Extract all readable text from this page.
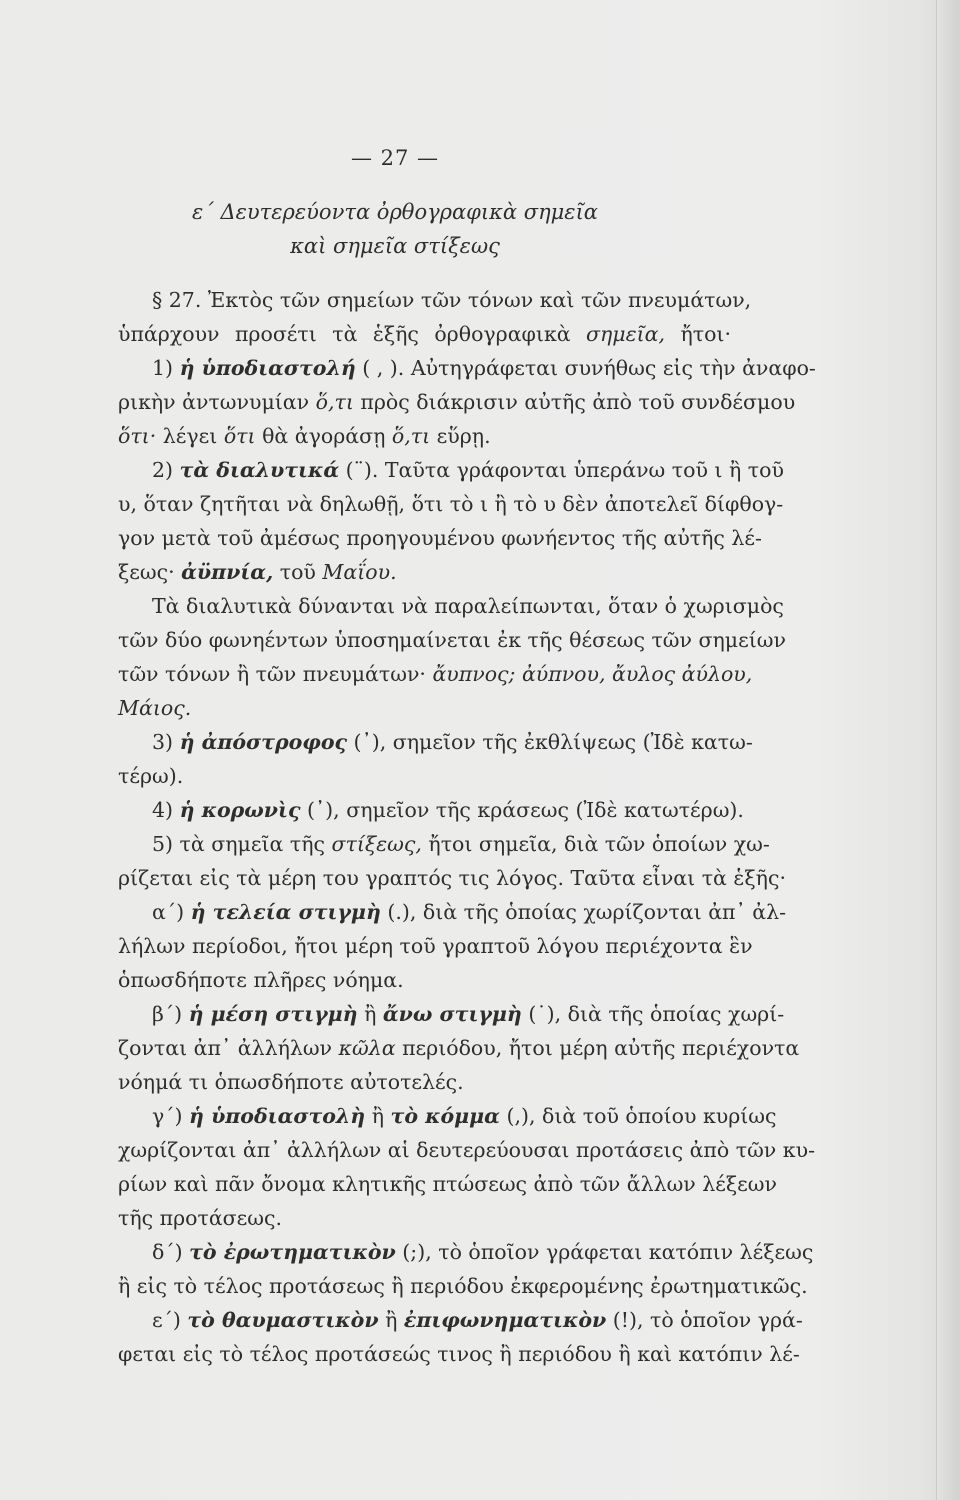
— 27 —
ε΄ Δευτερεύοντα ὀρθογραφικὰ σημεῖα
καὶ σημεῖα στίξεως
§ 27. Ἐκτὸς τῶν σημείων τῶν τόνων καὶ τῶν πνευμάτων,
ὑπάρχουν προσέτι τὰ ἑξῆς ὀρθογραφικὰ σημεῖα, ἤτοι·
1) ἡ ὑποδιαστολή ( , ). Αὐτηγράφεται συνήθως εἰς τὴν ἀναφο-
ρικὴν ἀντωνυμίαν ὅ,τι πρὸς διάκρισιν αὐτῆς ἀπὸ τοῦ συνδέσμου
ὅτι· λέγει ὅτι θὰ ἀγοράσῃ ὅ,τι εὕρῃ.
2) τὰ διαλυτικά (¨). Ταῦτα γράφονται ὑπεράνω τοῦ ι ἢ τοῦ
υ, ὅταν ζητῆται νὰ δηλωθῇ, ὅτι τὸ ι ἢ τὸ υ δὲν ἀποτελεῖ δίφθογ-
γον μετὰ τοῦ ἀμέσως προηγουμένου φωνήεντος τῆς αὐτῆς λέ-
ξεως· ἀϋπνία, τοῦ Μαΐου.
Τὰ διαλυτικὰ δύνανται νὰ παραλείπωνται, ὅταν ὁ χωρισμὸς
τῶν δύο φωνηέντων ὑποσημαίνεται ἐκ τῆς θέσεως τῶν σημείων
τῶν τόνων ἢ τῶν πνευμάτων· ἄυπνος; ἀύπνου, ἄυλος ἀύλου,
Μάιος.
3) ἡ ἀπόστροφος (᾽), σημεῖον τῆς ἐκθλίψεως (Ἰδὲ κατω-
τέρω).
4) ἡ κορωνὶς (᾽), σημεῖον τῆς κράσεως (Ἰδὲ κατωτέρω).
5) τὰ σημεῖα τῆς στίξεως, ἤτοι σημεῖα, διὰ τῶν ὁποίων χω-
ρίζεται εἰς τὰ μέρη του γραπτός τις λόγος. Ταῦτα εἶναι τὰ ἑξῆς·
α΄) ἡ τελεία στιγμὴ (.), διὰ τῆς ὁποίας χωρίζονται ἀπ᾽ ἀλ-
λήλων περίοδοι, ἤτοι μέρη τοῦ γραπτοῦ λόγου περιέχοντα ἓν
ὁπωσδήποτε πλῆρες νόημα.
β΄) ἡ μέση στιγμὴ ἢ ἄνω στιγμὴ (˙), διὰ τῆς ὁποίας χωρί-
ζονται ἀπ᾽ ἀλλήλων κῶλα περιόδου, ἤτοι μέρη αὐτῆς περιέχοντα
νόημά τι ὁπωσδήποτε αὐτοτελές.
γ΄) ἡ ὑποδιαστολὴ ἢ τὸ κόμμα (,), διὰ τοῦ ὁποίου κυρίως
χωρίζονται ἀπ᾽ ἀλλήλων αἱ δευτερεύουσαι προτάσεις ἀπὸ τῶν κυ-
ρίων καὶ πᾶν ὄνομα κλητικῆς πτώσεως ἀπὸ τῶν ἄλλων λέξεων
τῆς προτάσεως.
δ΄) τὸ ἐρωτηματικὸν (;), τὸ ὁποῖον γράφεται κατόπιν λέξεως
ἢ εἰς τὸ τέλος προτάσεως ἢ περιόδου ἐκφερομένης ἐρωτηματικῶς.
ε΄) τὸ θαυμαστικὸν ἢ ἐπιφωνηματικὸν (!), τὸ ὁποῖον γρά-
φεται εἰς τὸ τέλος προτάσεώς τινος ἢ περιόδου ἢ καὶ κατόπιν λέ-
